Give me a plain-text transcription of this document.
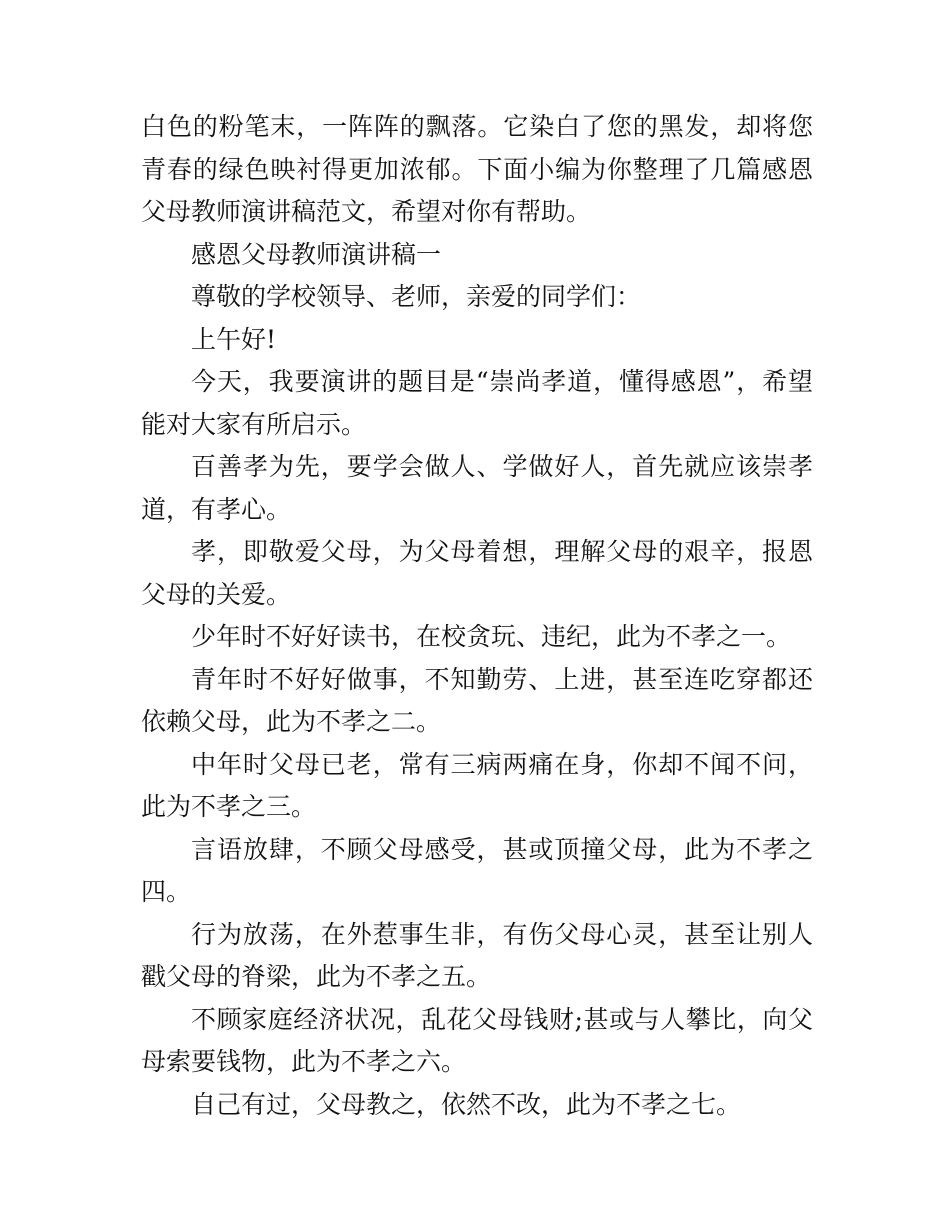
白色的粉笔末，一阵阵的飘落。它染白了您的黑发，却将您青春的绿色映衬得更加浓郁。下面小编为你整理了几篇感恩父母教师演讲稿范文，希望对你有帮助。

感恩父母教师演讲稿一

尊敬的学校领导、老师，亲爱的同学们：

上午好!

今天，我要演讲的题目是“崇尚孝道，懂得感恩”，希望能对大家有所启示。

百善孝为先，要学会做人、学做好人，首先就应该崇孝道，有孝心。

孝，即敬爱父母，为父母着想，理解父母的艰辛，报恩父母的关爱。

少年时不好好读书，在校贪玩、违纪，此为不孝之一。

青年时不好好做事，不知勤劳、上进，甚至连吃穿都还依赖父母，此为不孝之二。

中年时父母已老，常有三病两痛在身，你却不闻不问，此为不孝之三。

言语放肆，不顾父母感受，甚或顶撞父母，此为不孝之四。

行为放荡，在外惹事生非，有伤父母心灵，甚至让别人戳父母的脊梁，此为不孝之五。

不顾家庭经济状况，乱花父母钱财;甚或与人攀比，向父母索要钱物，此为不孝之六。

自己有过，父母教之，依然不改，此为不孝之七。
